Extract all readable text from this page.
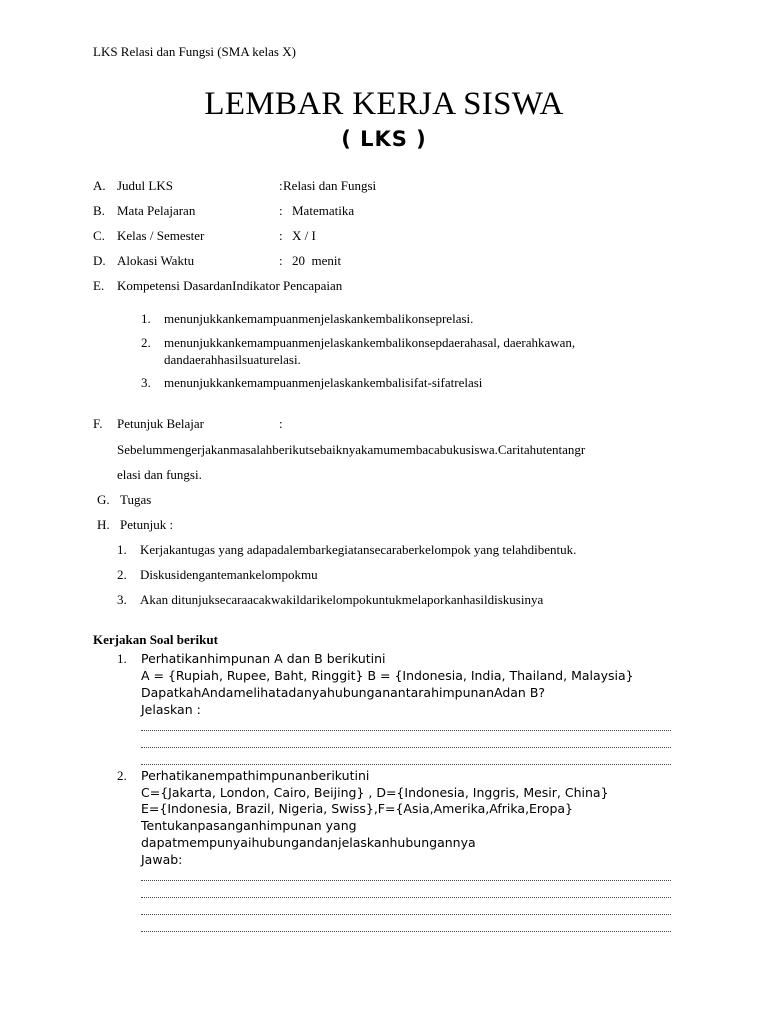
LKS Relasi dan Fungsi (SMA kelas X)
LEMBAR KERJA SISWA
( LKS )
A. Judul LKS	: Relasi dan Fungsi
B. Mata Pelajaran	: Matematika
C. Kelas / Semester	: X / I
D. Alokasi Waktu	: 20  menit
E. Kompetensi DasardanIndikator Pencapaian
1. menunjukkankemampuanmenjelaskankembalikonseprelasi.
2. menunjukkankemampuanmenjelaskankembalikonsepdaerahasal, daerahkawan,
dandaerahhasilsuaturelasi.
3. menunjukkankemampuanmenjelaskankembalisifat-sifatrelasi
F. Petunjuk Belajar	:
Sebelummengerjakanmasalahberikutsebaiknyakamumembacabukusiswa.Caritahutentangr
elasi dan fungsi.
G. Tugas
H. Petunjuk :
1. Kerjakantugas yang adapadalembarkegiatansecaraberkelompok yang telahdibentuk.
2. Diskusidengantemankelompokmu
3. Akan ditunjuksecaraacakwakildarikelompokuntukmelaporkanhasildiskusinya
Kerjakan Soal berikut
1. Perhatikanhimpunan A dan B berikutini
A = {Rupiah, Rupee, Baht, Ringgit} B = {Indonesia, India, Thailand, Malaysia}
DapatkahAndamelihatadanyahubunganantarahimpunanAdan B?
Jelaskan :
2. Perhatikanempathimpunanberikutini
C={Jakarta, London, Cairo, Beijing} , D={Indonesia, Inggris, Mesir, China}
E={Indonesia, Brazil, Nigeria, Swiss},F={Asia,Amerika,Afrika,Eropa}
Tentukanpasanganhimpunan yang
dapatmempunyaihubungandanjelaskanhubungannya
Jawab:
